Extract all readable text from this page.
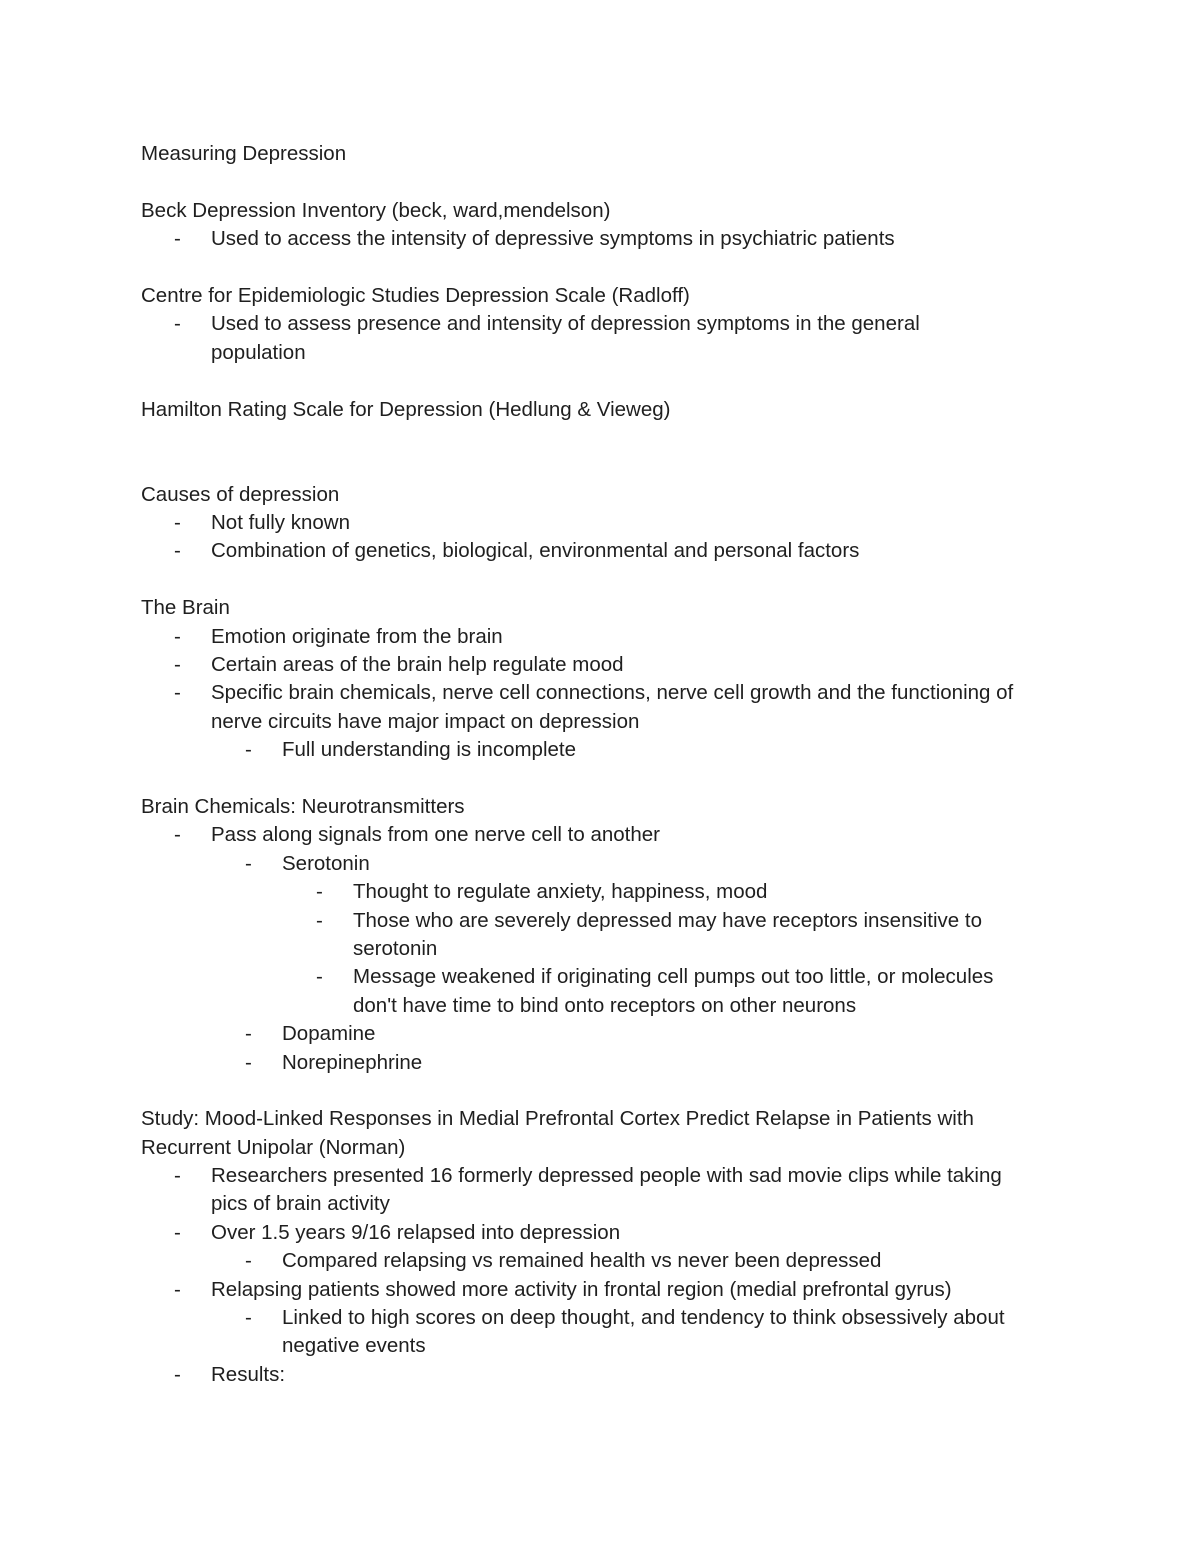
Measuring Depression
Beck Depression Inventory (beck, ward,mendelson)
- Used to access the intensity of depressive symptoms in psychiatric patients
Centre for Epidemiologic Studies Depression Scale (Radloff)
- Used to assess presence and intensity of depression symptoms in the general
population
Hamilton Rating Scale for Depression (Hedlung & Vieweg)
Causes of depression
- Not fully known
- Combination of genetics, biological, environmental and personal factors
The Brain
- Emotion originate from the brain
- Certain areas of the brain help regulate mood
- Specific brain chemicals, nerve cell connections, nerve cell growth and the functioning of
nerve circuits have major impact on depression
- Full understanding is incomplete
Brain Chemicals: Neurotransmitters
- Pass along signals from one nerve cell to another
- Serotonin
- Thought to regulate anxiety, happiness, mood
- Those who are severely depressed may have receptors insensitive to
serotonin
- Message weakened if originating cell pumps out too little, or molecules
don't have time to bind onto receptors on other neurons
- Dopamine
- Norepinephrine
Study: Mood-Linked Responses in Medial Prefrontal Cortex Predict Relapse in Patients with
Recurrent Unipolar (Norman)
- Researchers presented 16 formerly depressed people with sad movie clips while taking
pics of brain activity
- Over 1.5 years 9/16 relapsed into depression
- Compared relapsing vs remained health vs never been depressed
- Relapsing patients showed more activity in frontal region (medial prefrontal gyrus)
- Linked to high scores on deep thought, and tendency to think obsessively about
negative events
- Results:
